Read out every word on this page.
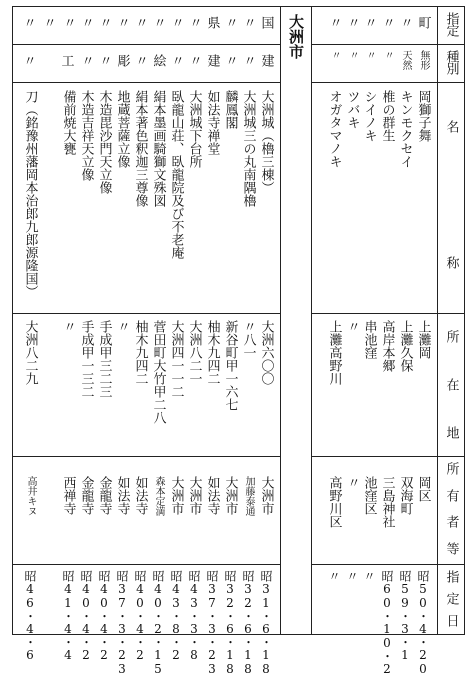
大洲市	指
定
種
別
名
称
所
在
地
所
有
者
等
指
定
日
町
〃
〃
〃
〃
〃
無形
天然
〃
〃
〃
〃
岡獅子舞
上灘岡
岡区
昭50・4・20
キンモクセイ
上灘久保
双海町
昭59・3・1
椎の群生
高岸本郷
三島神社
昭60・10・2
シイノキ
串池窪
池窪区
〃
ツバキ
〃
〃
〃
オガタマノキ
上灘高野川
高野川区
〃
国
〃
〃
県
〃
〃
〃
〃
〃
〃
〃
〃
〃
〃
建
〃
〃
建
〃
〃
絵
〃
彫
〃
〃
工
〃
大洲城（櫓三棟）
大洲六〇〇
大洲市
昭31・6・18
大洲城三の丸南隅櫓
〃八一
加藤泰通
昭32・6・18
麟鳳閣
新谷町甲一六七
大洲市
昭32・6・18
如法寺禅堂
柚木九四二
如法寺
昭37・3・23
大洲城下台所
大洲八二一
大洲市
昭43・3・8
臥龍山荘、臥龍院及び不老庵
大洲四一一二
大洲市
昭43・8・2
絹本墨画騎獅文殊図
菅田町大竹甲二八
森本定満
昭40・2・15
絹本著色釈迦三尊像
柚木九四二
如法寺
昭40・4・2
地蔵菩薩立像
〃
如法寺
昭37・3・23
木造毘沙門天立像
手成甲三二三
金龍寺
昭40・4・2
木造吉祥天立像
手成甲一三二
金龍寺
昭40・4・2
備前焼大甕
〃
西禅寺
昭41・4・4
刀（銘豫州藩岡本治郎九郎源隆国）
大洲八二九
高井キヌ
昭46・4・6
